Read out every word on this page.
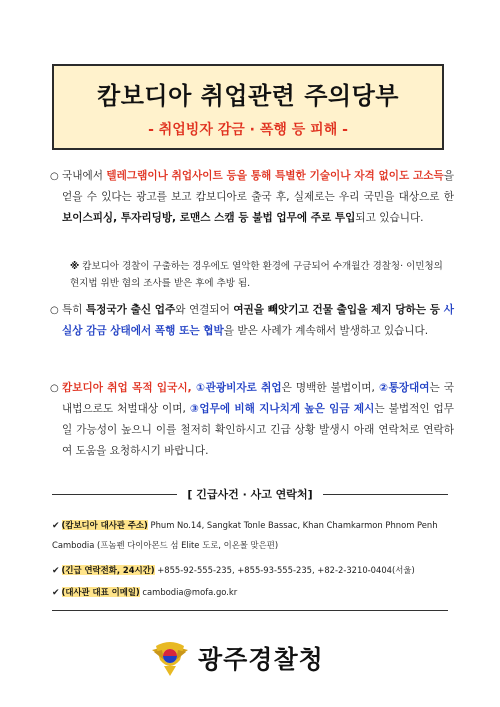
캄보디아 취업관련 주의당부
- 취업빙자 감금 · 폭행 등 피해 -
○ 국내에서 텔레그램이나 취업사이트 등을 통해 특별한 기술이나 자격 없이도 고소득을 얻을 수 있다는 광고를 보고 캄보디아로 출국 후, 실제로는 우리 국민을 대상으로 한 보이스피싱, 투자리딩방, 로맨스 스캠 등 불법 업무에 주로 투입되고 있습니다.
※ 캄보디아 경찰이 구출하는 경우에도 열악한 환경에 구금되어 수개월간 경찰청· 이민청의 현지법 위반 혐의 조사를 받은 후에 추방 됨.
○ 특히 특정국가 출신 업주와 연결되어 여권을 빼앗기고 건물 출입을 제지 당하는 등 사실상 감금 상태에서 폭행 또는 협박을 받은 사례가 계속해서 발생하고 있습니다.
○ 캄보디아 취업 목적 입국시, ①관광비자로 취업은 명백한 불법이며, ②통장대여는 국내법으로도 처벌대상 이며, ③업무에 비해 지나치게 높은 임금 제시는 불법적인 업무일 가능성이 높으니 이를 철저히 확인하시고 긴급 상황 발생시 아래 연락처로 연락하여 도움을 요청하시기 바랍니다.
[ 긴급사건 · 사고 연락처]
✔ (캄보디아 대사관 주소) Phum No.14, Sangkat Tonle Bassac, Khan Chamkarmon Phnom Penh Cambodia (프놈펜 다이아몬드 섬 Elite 도로, 이온몰 맞은편)
✔ (긴급 연락전화, 24시간) +855-92-555-235, +855-93-555-235, +82-2-3210-0404(서울)
✔ (대사관 대표 이메일) cambodia@mofa.go.kr
광주경찰청
